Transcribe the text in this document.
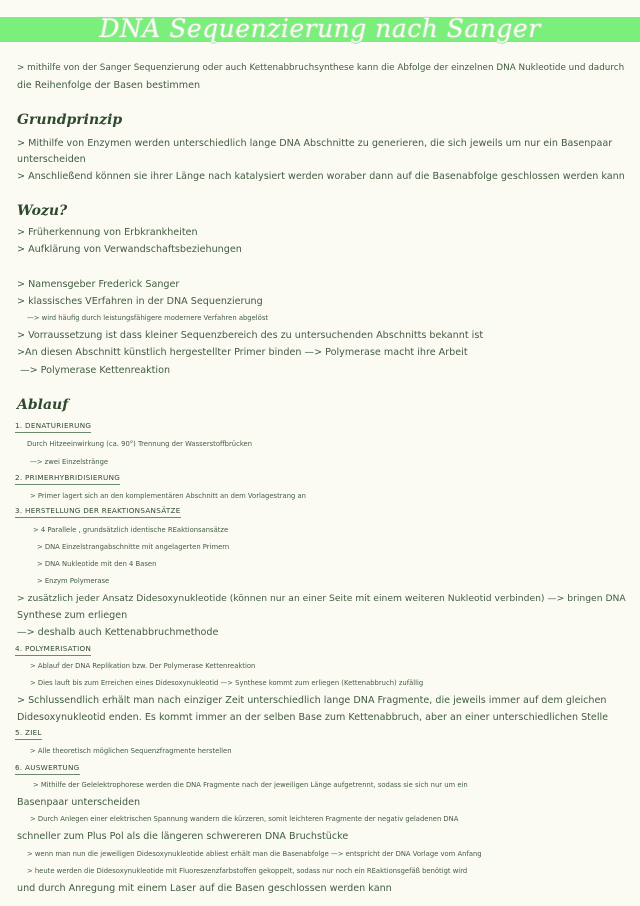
DNA Sequenzierung nach Sanger
> mithilfe von der Sanger Sequenzierung oder auch Kettenabbruchsynthese kann die Abfolge der einzelnen DNA Nukleotide und dadurch
die Reihenfolge der Basen bestimmen
Grundprinzip
> Mithilfe von Enzymen werden unterschiedlich lange DNA Abschnitte zu generieren, die sich jeweils um nur ein Basenpaar
unterscheiden
> Anschließend können sie ihrer Länge nach katalysiert werden woraber dann auf die Basenabfolge geschlossen werden kann
Wozu?
> Früherkennung von Erbkrankheiten
> Aufklärung von Verwandschaftsbeziehungen
> Namensgeber Frederick Sanger
> klassisches VErfahren in der DNA Sequenzierung
—> wird häufig durch leistungsfähigere modernere Verfahren abgelöst
> Vorraussetzung ist dass kleiner Sequenzbereich des zu untersuchenden Abschnitts bekannt ist
>An diesen Abschnitt künstlich hergestellter Primer binden —> Polymerase macht ihre Arbeit
—> Polymerase Kettenreaktion
Ablauf
1. DENATURIERUNG
Durch Hitzeeinwirkung (ca. 90°) Trennung der Wasserstoffbrücken
—> zwei Einzelstränge
2. PRIMERHYBRIDISIERUNG
> Primer lagert sich an den komplementären Abschnitt an dem Vorlagestrang an
3. HERSTELLUNG DER REAKTIONSANSÄTZE
> 4 Parallele , grundsätzlich identische REaktionsansätze
> DNA Einzelstrangabschnitte mit angelagerten Primern
> DNA Nukleotide mit den 4 Basen
> Enzym Polymerase
> zusätzlich jeder Ansatz Didesoxynukleotide (können nur an einer Seite mit einem weiteren Nukleotid verbinden) —> bringen DNA
Synthese zum erliegen
—> deshalb auch Kettenabbruchmethode
4. POLYMERISATION
> Ablauf der DNA Replikation bzw. Der Polymerase Kettenreaktion
> Dies lauft bis zum Erreichen eines Didesoxynukleotid —> Synthese kommt zum erliegen (Kettenabbruch) zufällig
> Schlussendlich erhält man nach einziger Zeit unterschiedlich lange DNA Fragmente, die jeweils immer auf dem gleichen
Didesoxynukleotid enden. Es kommt immer an der selben Base zum Kettenabbruch, aber an einer unterschiedlichen Stelle
5. ZIEL
> Alle theoretisch möglichen Sequenzfragmente herstellen
6. AUSWERTUNG
> Mithilfe der Gelelektrophorese werden die DNA Fragmente nach der jeweiligen Länge aufgetrennt, sodass sie sich nur um ein
Basenpaar unterscheiden
> Durch Anlegen einer elektrischen Spannung wandern die kürzeren, somit leichteren Fragmente der negativ geladenen DNA
schneller zum Plus Pol als die längeren schwereren DNA Bruchstücke
> wenn man nun die jeweiligen Didesoxynukleotide abliest erhält man die Basenabfolge —> entspricht der DNA Vorlage vom Anfang
> heute werden die Didesoxynukleotide mit Fluoreszenzfarbstoffen gekoppelt, sodass nur noch ein REaktionsgefäß benötigt wird
und durch Anregung mit einem Laser auf die Basen geschlossen werden kann
